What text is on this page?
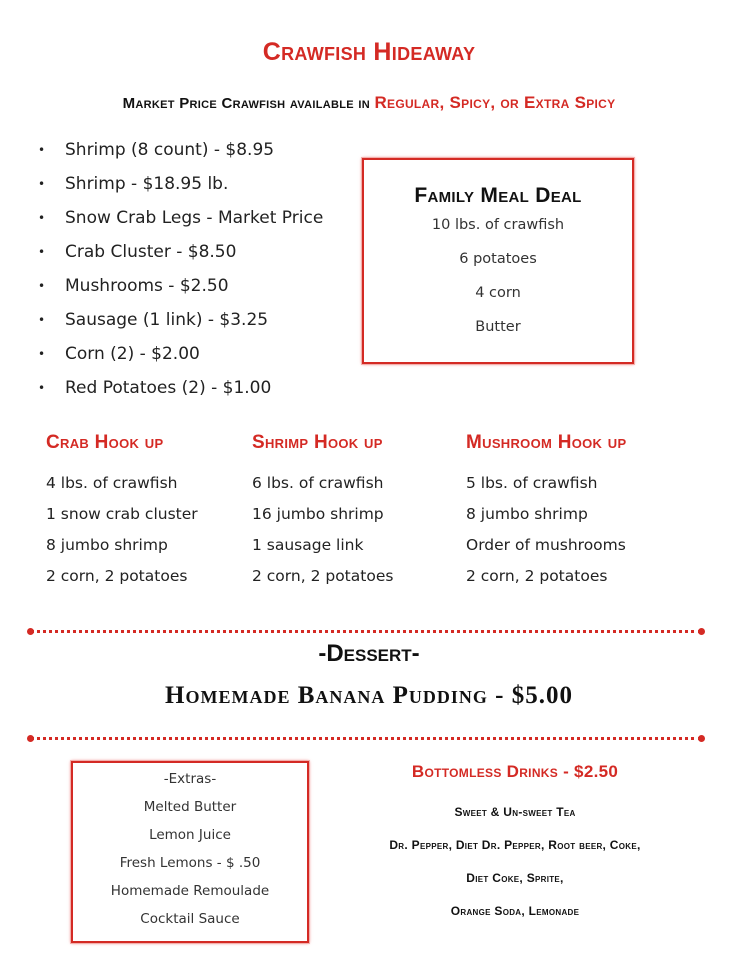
Crawfish Hideaway
Market Price Crawfish available in Regular, Spicy, or Extra Spicy
• Shrimp (8 count) - $8.95
• Shrimp - $18.95 lb.
• Snow Crab Legs - Market Price
• Crab Cluster - $8.50
• Mushrooms - $2.50
• Sausage (1 link) - $3.25
• Corn (2) - $2.00
• Red Potatoes (2) - $1.00
Family Meal Deal
10 lbs. of crawfish
6 potatoes
4 corn
Butter
Crab Hook up
4 lbs. of crawfish
1 snow crab cluster
8 jumbo shrimp
2 corn, 2 potatoes
Shrimp Hook up
6 lbs. of crawfish
16 jumbo shrimp
1 sausage link
2 corn, 2 potatoes
Mushroom Hook up
5 lbs. of crawfish
8 jumbo shrimp
Order of mushrooms
2 corn, 2 potatoes
-Dessert-
Homemade Banana Pudding - $5.00
-Extras-
Melted Butter
Lemon Juice
Fresh Lemons - $ .50
Homemade Remoulade
Cocktail Sauce
Bottomless Drinks - $2.50
Sweet & Un-sweet Tea
Dr. Pepper, Diet Dr. Pepper, Root beer, Coke,
Diet Coke, Sprite,
Orange Soda, Lemonade
